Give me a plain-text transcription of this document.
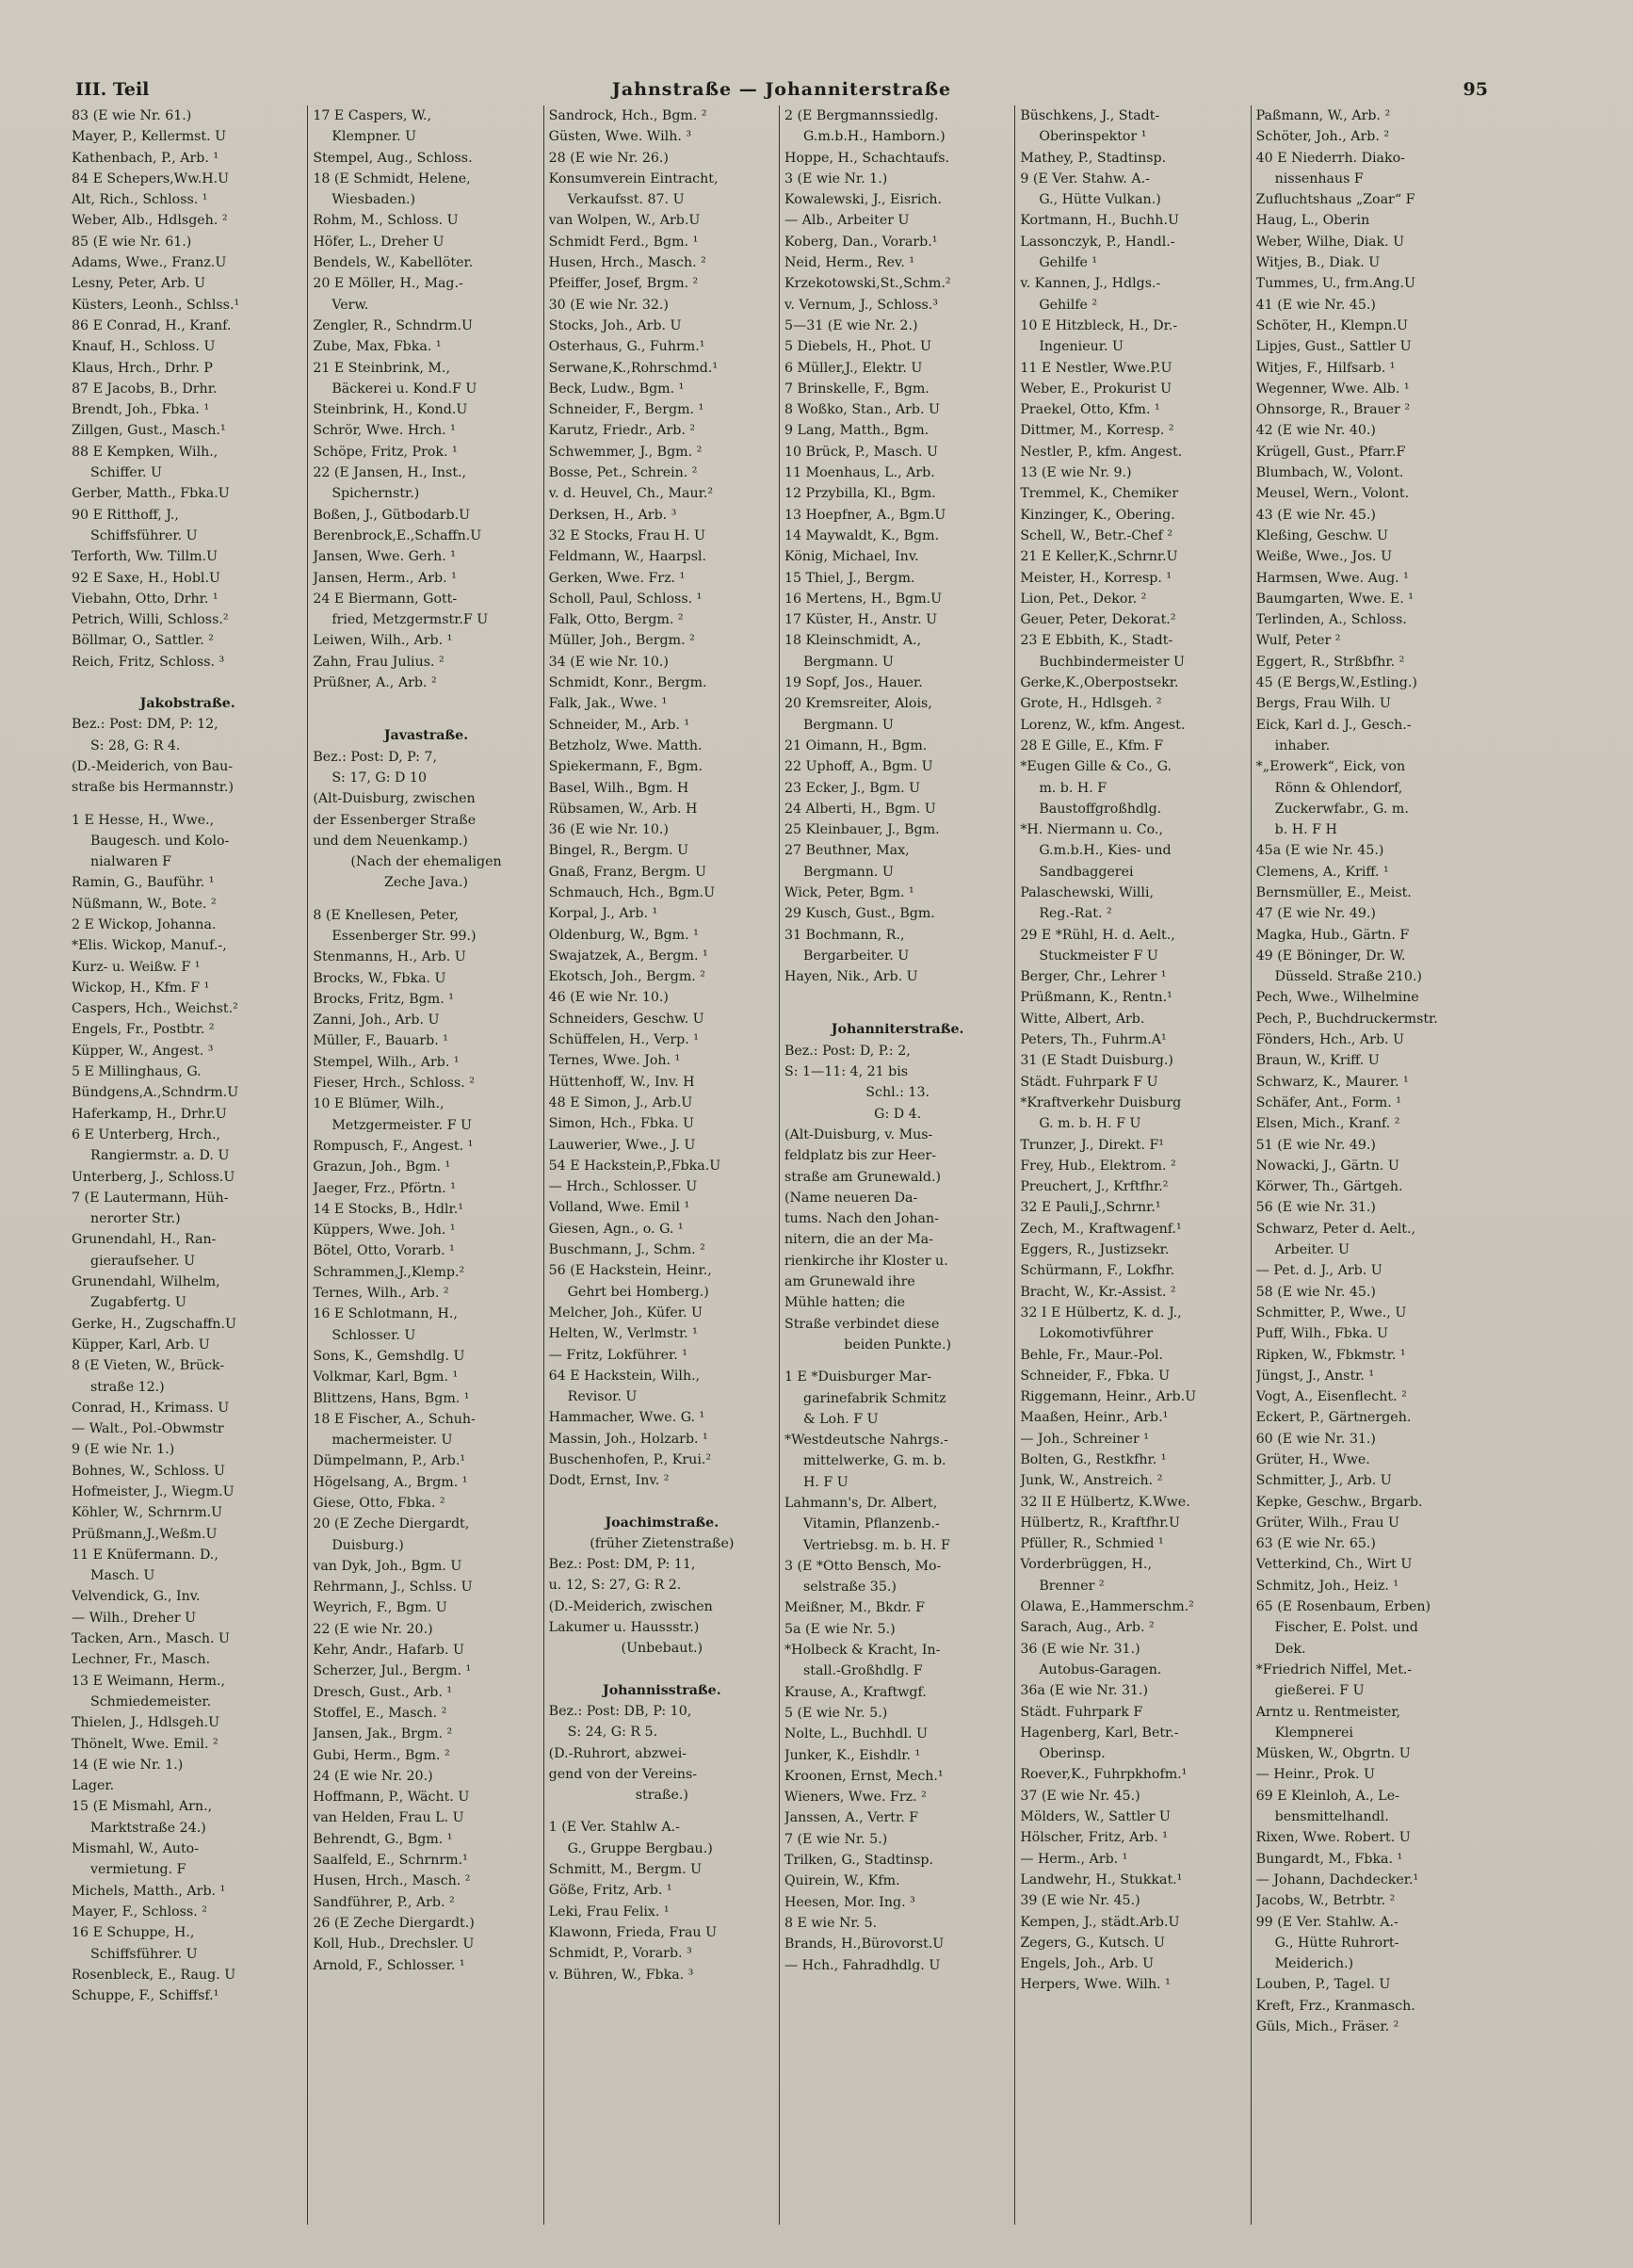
III. Teil	Jahnstraße — Johanniterstraße	95
83 (E wie Nr. 61.)
Mayer, P., Kellermst. U
Kathenbach, P., Arb. ¹
84 E Schepers,Ww.H.U
Alt, Rich., Schloss. ¹
Weber, Alb., Hdlsgeh. ²
85 (E wie Nr. 61.)
Adams, Wwe., Franz.U
Lesny, Peter, Arb. U
Küsters, Leonh., Schlss.¹
86 E Conrad, H., Kranf.
Knauf, H., Schloss. U
Klaus, Hrch., Drhr. P
87 E Jacobs, B., Drhr.
Brendt, Joh., Fbka. ¹
Zillgen, Gust., Masch.¹
88 E Kempken, Wilh.,
Schiffer. U
Gerber, Matth., Fbka.U
90 E Ritthoff, J.,
Schiffsführer. U
Terforth, Ww. Tillm.U
92 E Saxe, H., Hobl.U
Viebahn, Otto, Drhr. ¹
Petrich, Willi, Schloss.²
Böllmar, O., Sattler. ²
Reich, Fritz, Schloss. ³
Jakobstraße.
Bez.: Post: DM, P: 12,
S: 28, G: R 4.
(D.-Meiderich, von Bau-
straße bis Hermannstr.)
1 E Hesse, H., Wwe.,
Baugesch. und Kolo-
nialwaren F
Ramin, G., Bauführ. ¹
Nüßmann, W., Bote. ²
2 E Wickop, Johanna.
*Elis. Wickop, Manuf.-,
Kurz- u. Weißw. F ¹
Wickop, H., Kfm. F ¹
Caspers, Hch., Weichst.²
Engels, Fr., Postbtr. ²
Küpper, W., Angest. ³
5 E Millinghaus, G.
Bündgens,A.,Schndrm.U
Haferkamp, H., Drhr.U
6 E Unterberg, Hrch.,
Rangiermstr. a. D. U
Unterberg, J., Schloss.U
7 (E Lautermann, Hüh-
nerorter Str.)
Grunendahl, H., Ran-
gieraufseher. U
Grunendahl, Wilhelm,
Zugabfertg. U
Gerke, H., Zugschaffn.U
Küpper, Karl, Arb. U
8 (E Vieten, W., Brück-
straße 12.)
Conrad, H., Krimass. U
— Walt., Pol.-Obwmstr
9 (E wie Nr. 1.)
Bohnes, W., Schloss. U
Hofmeister, J., Wiegm.U
Köhler, W., Schrnrm.U
Prüßmann,J.,Weßm.U
11 E Knüfermann. D.,
Masch. U
Velvendick, G., Inv.
— Wilh., Dreher U
Tacken, Arn., Masch. U
Lechner, Fr., Masch.
13 E Weimann, Herm.,
Schmiedemeister.
Thielen, J., Hdlsgeh.U
Thönelt, Wwe. Emil. ²
14 (E wie Nr. 1.)
Lager.
15 (E Mismahl, Arn.,
Marktstraße 24.)
Mismahl, W., Auto-
vermietung. F
Michels, Matth., Arb. ¹
Mayer, F., Schloss. ²
16 E Schuppe, H.,
Schiffsführer. U
Rosenbleck, E., Raug. U
Schuppe, F., Schiffsf.¹
17 E Caspers, W.,
Klempner. U
Stempel, Aug., Schloss.
18 (E Schmidt, Helene,
Wiesbaden.)
Rohm, M., Schloss. U
Höfer, L., Dreher U
Bendels, W., Kabellöter.
20 E Möller, H., Mag.-
Verw.
Zengler, R., Schndrm.U
Zube, Max, Fbka. ¹
21 E Steinbrink, M.,
Bäckerei u. Kond.F U
Steinbrink, H., Kond.U
Schrör, Wwe. Hrch. ¹
Schöpe, Fritz, Prok. ¹
22 (E Jansen, H., Inst.,
Spichernstr.)
Boßen, J., Gütbodarb.U
Berenbrock,E.,Schaffn.U
Jansen, Wwe. Gerh. ¹
Jansen, Herm., Arb. ¹
24 E Biermann, Gott-
fried, Metzgermstr.F U
Leiwen, Wilh., Arb. ¹
Zahn, Frau Julius. ²
Prüßner, A., Arb. ²
Javastraße.
Bez.: Post: D, P: 7,
S: 17, G: D 10
(Alt-Duisburg, zwischen
der Essenberger Straße
und dem Neuenkamp.)
(Nach der ehemaligen
Zeche Java.)
8 (E Knellesen, Peter,
Essenberger Str. 99.)
Stenmanns, H., Arb. U
Brocks, W., Fbka. U
Brocks, Fritz, Bgm. ¹
Zanni, Joh., Arb. U
Müller, F., Bauarb. ¹
Stempel, Wilh., Arb. ¹
Fieser, Hrch., Schloss. ²
10 E Blümer, Wilh.,
Metzgermeister. F U
Rompusch, F., Angest. ¹
Grazun, Joh., Bgm. ¹
Jaeger, Frz., Pförtn. ¹
14 E Stocks, B., Hdlr.¹
Küppers, Wwe. Joh. ¹
Bötel, Otto, Vorarb. ¹
Schrammen,J.,Klemp.²
Ternes, Wilh., Arb. ²
16 E Schlotmann, H.,
Schlosser. U
Sons, K., Gemshdlg. U
Volkmar, Karl, Bgm. ¹
Blittzens, Hans, Bgm. ¹
18 E Fischer, A., Schuh-
machermeister. U
Dümpelmann, P., Arb.¹
Högelsang, A., Brgm. ¹
Giese, Otto, Fbka. ²
20 (E Zeche Diergardt,
Duisburg.)
van Dyk, Joh., Bgm. U
Rehrmann, J., Schlss. U
Weyrich, F., Bgm. U
22 (E wie Nr. 20.)
Kehr, Andr., Hafarb. U
Scherzer, Jul., Bergm. ¹
Dresch, Gust., Arb. ¹
Stoffel, E., Masch. ²
Jansen, Jak., Brgm. ²
Gubi, Herm., Bgm. ²
24 (E wie Nr. 20.)
Hoffmann, P., Wächt. U
van Helden, Frau L. U
Behrendt, G., Bgm. ¹
Saalfeld, E., Schrnrm.¹
Husen, Hrch., Masch. ²
Sandführer, P., Arb. ²
26 (E Zeche Diergardt.)
Koll, Hub., Drechsler. U
Arnold, F., Schlosser. ¹
Sandrock, Hch., Bgm. ²
Güsten, Wwe. Wilh. ³
28 (E wie Nr. 26.)
Konsumverein Eintracht,
Verkaufsst. 87. U
van Wolpen, W., Arb.U
Schmidt Ferd., Bgm. ¹
Husen, Hrch., Masch. ²
Pfeiffer, Josef, Brgm. ²
30 (E wie Nr. 32.)
Stocks, Joh., Arb. U
Osterhaus, G., Fuhrm.¹
Serwane,K.,Rohrschmd.¹
Beck, Ludw., Bgm. ¹
Schneider, F., Bergm. ¹
Karutz, Friedr., Arb. ²
Schwemmer, J., Bgm. ²
Bosse, Pet., Schrein. ²
v. d. Heuvel, Ch., Maur.²
Derksen, H., Arb. ³
32 E Stocks, Frau H. U
Feldmann, W., Haarpsl.
Gerken, Wwe. Frz. ¹
Scholl, Paul, Schloss. ¹
Falk, Otto, Bergm. ²
Müller, Joh., Bergm. ²
34 (E wie Nr. 10.)
Schmidt, Konr., Bergm.
Falk, Jak., Wwe. ¹
Schneider, M., Arb. ¹
Betzholz, Wwe. Matth.
Spiekermann, F., Bgm.
Basel, Wilh., Bgm. H
Rübsamen, W., Arb. H
36 (E wie Nr. 10.)
Bingel, R., Bergm. U
Gnaß, Franz, Bergm. U
Schmauch, Hch., Bgm.U
Korpal, J., Arb. ¹
Oldenburg, W., Bgm. ¹
Swajatzek, A., Bergm. ¹
Ekotsch, Joh., Bergm. ²
46 (E wie Nr. 10.)
Schneiders, Geschw. U
Schüffelen, H., Verp. ¹
Ternes, Wwe. Joh. ¹
Hüttenhoff, W., Inv. H
48 E Simon, J., Arb.U
Simon, Hch., Fbka. U
Lauwerier, Wwe., J. U
54 E Hackstein,P.,Fbka.U
— Hrch., Schlosser. U
Volland, Wwe. Emil ¹
Giesen, Agn., o. G. ¹
Buschmann, J., Schm. ²
56 (E Hackstein, Heinr.,
Gehrt bei Homberg.)
Melcher, Joh., Küfer. U
Helten, W., Verlmstr. ¹
— Fritz, Lokführer. ¹
64 E Hackstein, Wilh.,
Revisor. U
Hammacher, Wwe. G. ¹
Massin, Joh., Holzarb. ¹
Buschenhofen, P., Krui.²
Dodt, Ernst, Inv. ²
Joachimstraße.
(früher Zietenstraße)
Bez.: Post: DM, P: 11,
u. 12, S: 27, G: R 2.
(D.-Meiderich, zwischen
Lakumer u. Haussstr.)
(Unbebaut.)
Johannisstraße.
Bez.: Post: DB, P: 10,
S: 24, G: R 5.
(D.-Ruhrort, abzwei-
gend von der Vereins-
straße.)
1 (E Ver. Stahlw A.-
G., Gruppe Bergbau.)
Schmitt, M., Bergm. U
Göße, Fritz, Arb. ¹
Leki, Frau Felix. ¹
Klawonn, Frieda, Frau U
Schmidt, P., Vorarb. ³
v. Bühren, W., Fbka. ³
2 (E Bergmannssiedlg.
G.m.b.H., Hamborn.)
Hoppe, H., Schachtaufs.
3 (E wie Nr. 1.)
Kowalewski, J., Eisrich.
— Alb., Arbeiter U
Koberg, Dan., Vorarb.¹
Neid, Herm., Rev. ¹
Krzekotowski,St.,Schm.²
v. Vernum, J., Schloss.³
5—31 (E wie Nr. 2.)
5 Diebels, H., Phot. U
6 Müller,J., Elektr. U
7 Brinskelle, F., Bgm.
8 Woßko, Stan., Arb. U
9 Lang, Matth., Bgm.
10 Brück, P., Masch. U
11 Moenhaus, L., Arb.
12 Przybilla, Kl., Bgm.
13 Hoepfner, A., Bgm.U
14 Maywaldt, K., Bgm.
König, Michael, Inv.
15 Thiel, J., Bergm.
16 Mertens, H., Bgm.U
17 Küster, H., Anstr. U
18 Kleinschmidt, A.,
Bergmann. U
19 Sopf, Jos., Hauer.
20 Kremsreiter, Alois,
Bergmann. U
21 Oimann, H., Bgm.
22 Uphoff, A., Bgm. U
23 Ecker, J., Bgm. U
24 Alberti, H., Bgm. U
25 Kleinbauer, J., Bgm.
27 Beuthner, Max,
Bergmann. U
Wick, Peter, Bgm. ¹
29 Kusch, Gust., Bgm.
31 Bochmann, R.,
Bergarbeiter. U
Hayen, Nik., Arb. U
Johanniterstraße.
Bez.: Post: D, P.: 2,
S: 1—11: 4, 21 bis
Schl.: 13.
G: D 4.
(Alt-Duisburg, v. Mus-
feldplatz bis zur Heer-
straße am Grunewald.)
(Name neueren Da-
tums. Nach den Johan-
nitern, die an der Ma-
rienkirche ihr Kloster u.
am Grunewald ihre
Mühle hatten; die
Straße verbindet diese
beiden Punkte.)
1 E *Duisburger Mar-
garinefabrik Schmitz
& Loh. F U
*Westdeutsche Nahrgs.-
mittelwerke, G. m. b.
H. F U
Lahmann's, Dr. Albert,
Vitamin, Pflanzenb.-
Vertriebsg. m. b. H. F
3 (E *Otto Bensch, Mo-
selstraße 35.)
Meißner, M., Bkdr. F
5a (E wie Nr. 5.)
*Holbeck & Kracht, In-
stall.-Großhdlg. F
Krause, A., Kraftwgf.
5 (E wie Nr. 5.)
Nolte, L., Buchhdl. U
Junker, K., Eishdlr. ¹
Kroonen, Ernst, Mech.¹
Wieners, Wwe. Frz. ²
Janssen, A., Vertr. F
7 (E wie Nr. 5.)
Trilken, G., Stadtinsp.
Quirein, W., Kfm.
Heesen, Mor. Ing. ³
8 E wie Nr. 5.
Brands, H.,Bürovorst.U
— Hch., Fahradhdlg. U
Büschkens, J., Stadt-
Oberinspektor ¹
Mathey, P., Stadtinsp.
9 (E Ver. Stahw. A.-
G., Hütte Vulkan.)
Kortmann, H., Buchh.U
Lassonczyk, P., Handl.-
Gehilfe ¹
v. Kannen, J., Hdlgs.-
Gehilfe ²
10 E Hitzbleck, H., Dr.-
Ingenieur. U
11 E Nestler, Wwe.P.U
Weber, E., Prokurist U
Praekel, Otto, Kfm. ¹
Dittmer, M., Korresp. ²
Nestler, P., kfm. Angest.
13 (E wie Nr. 9.)
Tremmel, K., Chemiker
Kinzinger, K., Obering.
Schell, W., Betr.-Chef ²
21 E Keller,K.,Schrnr.U
Meister, H., Korresp. ¹
Lion, Pet., Dekor. ²
Geuer, Peter, Dekorat.²
23 E Ebbith, K., Stadt-
Buchbindermeister U
Gerke,K.,Oberpostsekr.
Grote, H., Hdlsgeh. ²
Lorenz, W., kfm. Angest.
28 E Gille, E., Kfm. F
*Eugen Gille & Co., G.
m. b. H. F
Baustoffgroßhdlg.
*H. Niermann u. Co.,
G.m.b.H., Kies- und
Sandbaggerei
Palaschewski, Willi,
Reg.-Rat. ²
29 E *Rühl, H. d. Aelt.,
Stuckmeister F U
Berger, Chr., Lehrer ¹
Prüßmann, K., Rentn.¹
Witte, Albert, Arb.
Peters, Th., Fuhrm.A¹
31 (E Stadt Duisburg.)
Städt. Fuhrpark F U
*Kraftverkehr Duisburg
G. m. b. H. F U
Trunzer, J., Direkt. F¹
Frey, Hub., Elektrom. ²
Preuchert, J., Krftfhr.²
32 E Pauli,J.,Schrnr.¹
Zech, M., Kraftwagenf.¹
Eggers, R., Justizsekr.
Schürmann, F., Lokfhr.
Bracht, W., Kr.-Assist. ²
32 I E Hülbertz, K. d. J.,
Lokomotivführer
Behle, Fr., Maur.-Pol.
Schneider, F., Fbka. U
Riggemann, Heinr., Arb.U
Maaßen, Heinr., Arb.¹
— Joh., Schreiner ¹
Bolten, G., Restkfhr. ¹
Junk, W., Anstreich. ²
32 II E Hülbertz, K.Wwe.
Hülbertz, R., Kraftfhr.U
Pfüller, R., Schmied ¹
Vorderbrüggen, H.,
Brenner ²
Olawa, E.,Hammerschm.²
Sarach, Aug., Arb. ²
36 (E wie Nr. 31.)
Autobus-Garagen.
36a (E wie Nr. 31.)
Städt. Fuhrpark F
Hagenberg, Karl, Betr.-
Oberinsp.
Roever,K., Fuhrpkhofm.¹
37 (E wie Nr. 45.)
Mölders, W., Sattler U
Hölscher, Fritz, Arb. ¹
— Herm., Arb. ¹
Landwehr, H., Stukkat.¹
39 (E wie Nr. 45.)
Kempen, J., städt.Arb.U
Zegers, G., Kutsch. U
Engels, Joh., Arb. U
Herpers, Wwe. Wilh. ¹
Paßmann, W., Arb. ²
Schöter, Joh., Arb. ²
40 E Niederrh. Diako-
nissenhaus F
Zufluchtshaus „Zoar“ F
Haug, L., Oberin
Weber, Wilhe, Diak. U
Witjes, B., Diak. U
Tummes, U., frm.Ang.U
41 (E wie Nr. 45.)
Schöter, H., Klempn.U
Lipjes, Gust., Sattler U
Witjes, F., Hilfsarb. ¹
Wegenner, Wwe. Alb. ¹
Ohnsorge, R., Brauer ²
42 (E wie Nr. 40.)
Krügell, Gust., Pfarr.F
Blumbach, W., Volont.
Meusel, Wern., Volont.
43 (E wie Nr. 45.)
Kleßing, Geschw. U
Weiße, Wwe., Jos. U
Harmsen, Wwe. Aug. ¹
Baumgarten, Wwe. E. ¹
Terlinden, A., Schloss.
Wulf, Peter ²
Eggert, R., Strßbfhr. ²
45 (E Bergs,W.,Estling.)
Bergs, Frau Wilh. U
Eick, Karl d. J., Gesch.-
inhaber.
*„Erowerk“, Eick, von
Rönn & Ohlendorf,
Zuckerwfabr., G. m.
b. H. F H
45a (E wie Nr. 45.)
Clemens, A., Kriff. ¹
Bernsmüller, E., Meist.
47 (E wie Nr. 49.)
Magka, Hub., Gärtn. F
49 (E Böninger, Dr. W.
Düsseld. Straße 210.)
Pech, Wwe., Wilhelmine
Pech, P., Buchdruckermstr.
Fönders, Hch., Arb. U
Braun, W., Kriff. U
Schwarz, K., Maurer. ¹
Schäfer, Ant., Form. ¹
Elsen, Mich., Kranf. ²
51 (E wie Nr. 49.)
Nowacki, J., Gärtn. U
Körwer, Th., Gärtgeh.
56 (E wie Nr. 31.)
Schwarz, Peter d. Aelt.,
Arbeiter. U
— Pet. d. J., Arb. U
58 (E wie Nr. 45.)
Schmitter, P., Wwe., U
Puff, Wilh., Fbka. U
Ripken, W., Fbkmstr. ¹
Jüngst, J., Anstr. ¹
Vogt, A., Eisenflecht. ²
Eckert, P., Gärtnergeh.
60 (E wie Nr. 31.)
Grüter, H., Wwe.
Schmitter, J., Arb. U
Kepke, Geschw., Brgarb.
Grüter, Wilh., Frau U
63 (E wie Nr. 65.)
Vetterkind, Ch., Wirt U
Schmitz, Joh., Heiz. ¹
65 (E Rosenbaum, Erben)
Fischer, E. Polst. und
Dek.
*Friedrich Niffel, Met.-
gießerei. F U
Arntz u. Rentmeister,
Klempnerei
Müsken, W., Obgrtn. U
— Heinr., Prok. U
69 E Kleinloh, A., Le-
bensmittelhandl.
Rixen, Wwe. Robert. U
Bungardt, M., Fbka. ¹
— Johann, Dachdecker.¹
Jacobs, W., Betrbtr. ²
99 (E Ver. Stahlw. A.-
G., Hütte Ruhrort-
Meiderich.)
Louben, P., Tagel. U
Kreft, Frz., Kranmasch.
Güls, Mich., Fräser. ²
